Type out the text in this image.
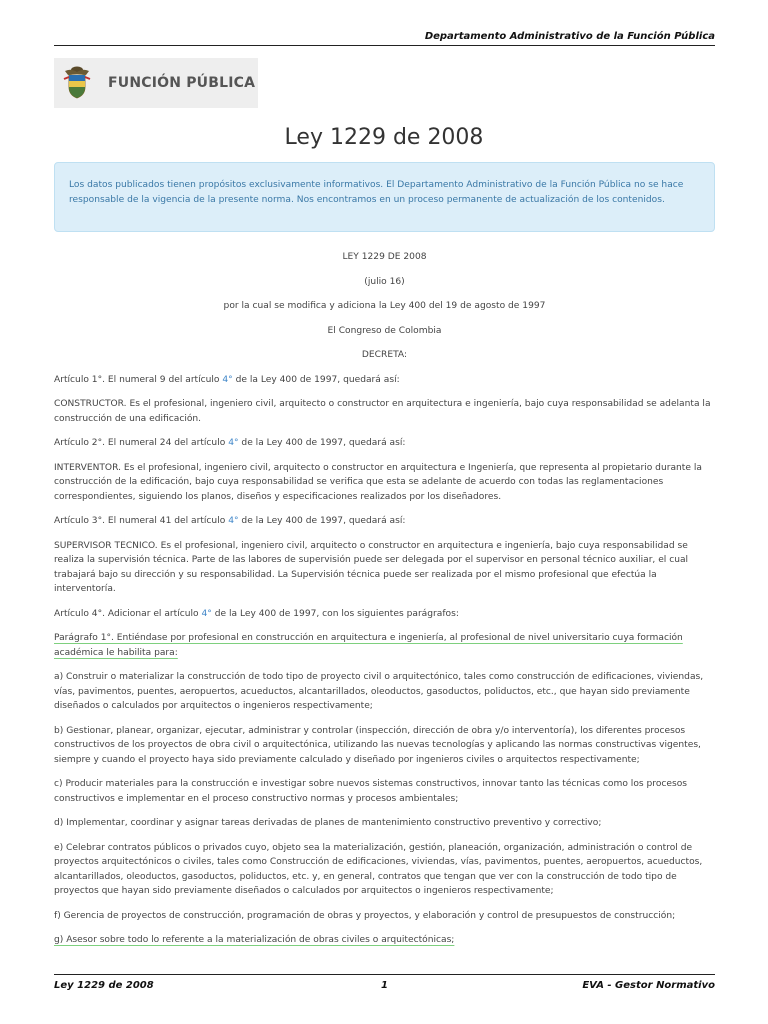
Departamento Administrativo de la Función Pública
FUNCIÓN PÚBLICA
Ley 1229 de 2008
Los datos publicados tienen propósitos exclusivamente informativos. El Departamento Administrativo de la Función Pública no se hace responsable de la vigencia de la presente norma. Nos encontramos en un proceso permanente de actualización de los contenidos.

LEY 1229 DE 2008

(julio 16)

por la cual se modifica y adiciona la Ley 400 del 19 de agosto de 1997

El Congreso de Colombia

DECRETA:

Artículo 1°. El numeral 9 del artículo 4° de la Ley 400 de 1997, quedará así:

CONSTRUCTOR. Es el profesional, ingeniero civil, arquitecto o constructor en arquitectura e ingeniería, bajo cuya responsabilidad se adelanta la construcción de una edificación.

Artículo 2°. El numeral 24 del artículo 4° de la Ley 400 de 1997, quedará así:

INTERVENTOR. Es el profesional, ingeniero civil, arquitecto o constructor en arquitectura e Ingeniería, que representa al propietario durante la construcción de la edificación, bajo cuya responsabilidad se verifica que esta se adelante de acuerdo con todas las reglamentaciones correspondientes, siguiendo los planos, diseños y especificaciones realizados por los diseñadores.

Artículo 3°. El numeral 41 del artículo 4° de la Ley 400 de 1997, quedará así:

SUPERVISOR TECNICO. Es el profesional, ingeniero civil, arquitecto o constructor en arquitectura e ingeniería, bajo cuya responsabilidad se realiza la supervisión técnica. Parte de las labores de supervisión puede ser delegada por el supervisor en personal técnico auxiliar, el cual trabajará bajo su dirección y su responsabilidad. La Supervisión técnica puede ser realizada por el mismo profesional que efectúa la interventoría.

Artículo 4°. Adicionar el artículo 4° de la Ley 400 de 1997, con los siguientes parágrafos:

Parágrafo 1°. Entiéndase por profesional en construcción en arquitectura e ingeniería, al profesional de nivel universitario cuya formación académica le habilita para:

a) Construir o materializar la construcción de todo tipo de proyecto civil o arquitectónico, tales como construcción de edificaciones, viviendas, vías, pavimentos, puentes, aeropuertos, acueductos, alcantarillados, oleoductos, gasoductos, poliductos, etc., que hayan sido previamente diseñados o calculados por arquitectos o ingenieros respectivamente;

b) Gestionar, planear, organizar, ejecutar, administrar y controlar (inspección, dirección de obra y/o interventoría), los diferentes procesos constructivos de los proyectos de obra civil o arquitectónica, utilizando las nuevas tecnologías y aplicando las normas constructivas vigentes, siempre y cuando el proyecto haya sido previamente calculado y diseñado por ingenieros civiles o arquitectos respectivamente;

c) Producir materiales para la construcción e investigar sobre nuevos sistemas constructivos, innovar tanto las técnicas como los procesos constructivos e implementar en el proceso constructivo normas y procesos ambientales;

d) Implementar, coordinar y asignar tareas derivadas de planes de mantenimiento constructivo preventivo y correctivo;

e) Celebrar contratos públicos o privados cuyo, objeto sea la materialización, gestión, planeación, organización, administración o control de proyectos arquitectónicos o civiles, tales como Construcción de edificaciones, viviendas, vías, pavimentos, puentes, aeropuertos, acueductos, alcantarillados, oleoductos, gasoductos, poliductos, etc. y, en general, contratos que tengan que ver con la construcción de todo tipo de proyectos que hayan sido previamente diseñados o calculados por arquitectos o ingenieros respectivamente;

f) Gerencia de proyectos de construcción, programación de obras y proyectos, y elaboración y control de presupuestos de construcción;

g) Asesor sobre todo lo referente a la materialización de obras civiles o arquitectónicas;

Ley 1229 de 2008	1	EVA - Gestor Normativo
